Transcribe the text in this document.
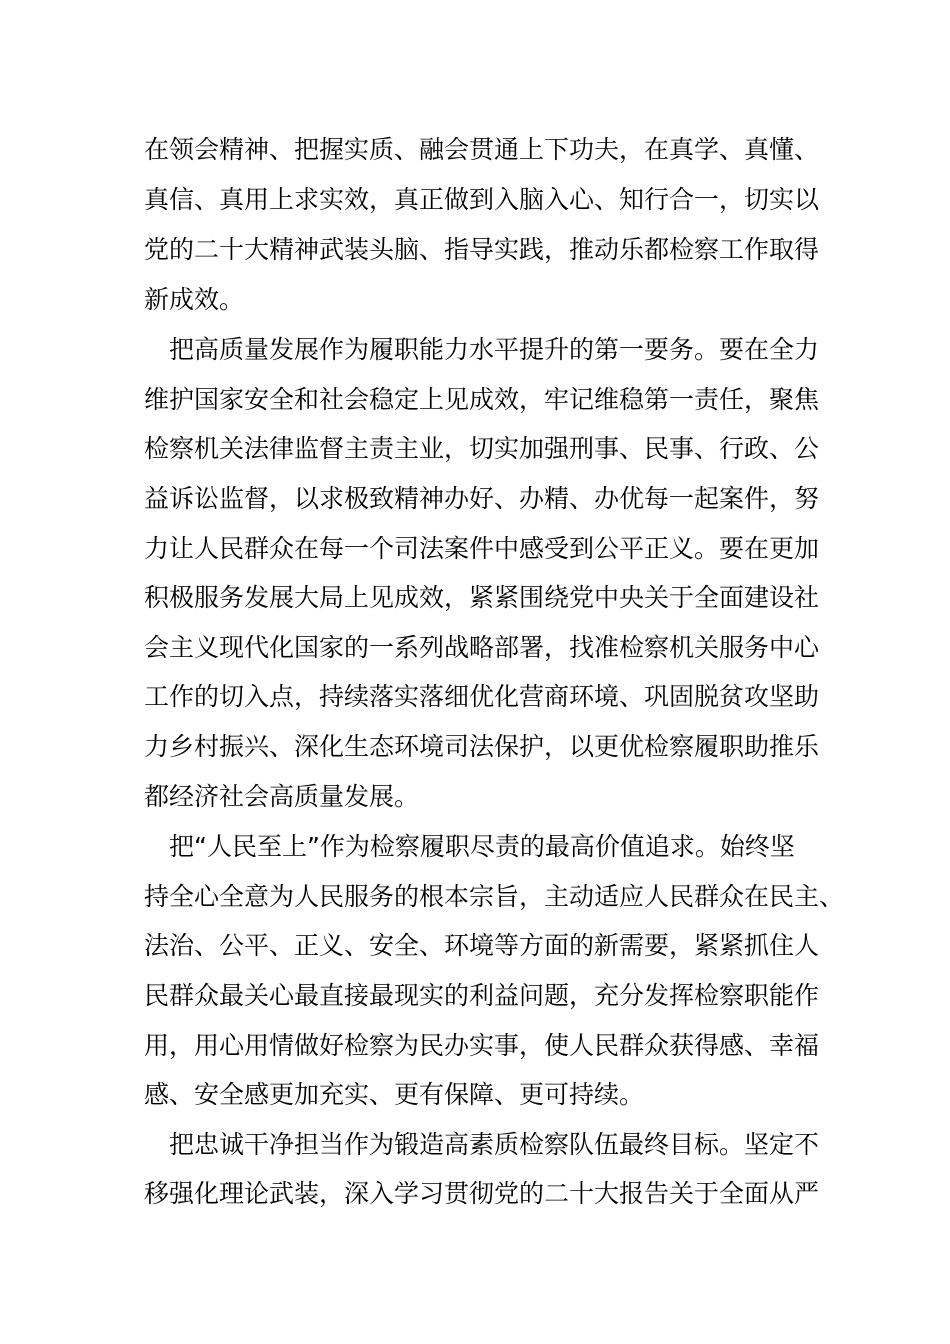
在领会精神、把握实质、融会贯通上下功夫，在真学、真懂、
真信、真用上求实效，真正做到入脑入心、知行合一，切实以
党的二十大精神武装头脑、指导实践，推动乐都检察工作取得
新成效。
　把高质量发展作为履职能力水平提升的第一要务。要在全力
维护国家安全和社会稳定上见成效，牢记维稳第一责任，聚焦
检察机关法律监督主责主业，切实加强刑事、民事、行政、公
益诉讼监督，以求极致精神办好、办精、办优每一起案件，努
力让人民群众在每一个司法案件中感受到公平正义。要在更加
积极服务发展大局上见成效，紧紧围绕党中央关于全面建设社
会主义现代化国家的一系列战略部署，找准检察机关服务中心
工作的切入点，持续落实落细优化营商环境、巩固脱贫攻坚助
力乡村振兴、深化生态环境司法保护，以更优检察履职助推乐
都经济社会高质量发展。
　把“人民至上”作为检察履职尽责的最高价值追求。始终坚
持全心全意为人民服务的根本宗旨，主动适应人民群众在民主、
法治、公平、正义、安全、环境等方面的新需要，紧紧抓住人
民群众最关心最直接最现实的利益问题，充分发挥检察职能作
用，用心用情做好检察为民办实事，使人民群众获得感、幸福
感、安全感更加充实、更有保障、更可持续。
　把忠诚干净担当作为锻造高素质检察队伍最终目标。坚定不
移强化理论武装，深入学习贯彻党的二十大报告关于全面从严
